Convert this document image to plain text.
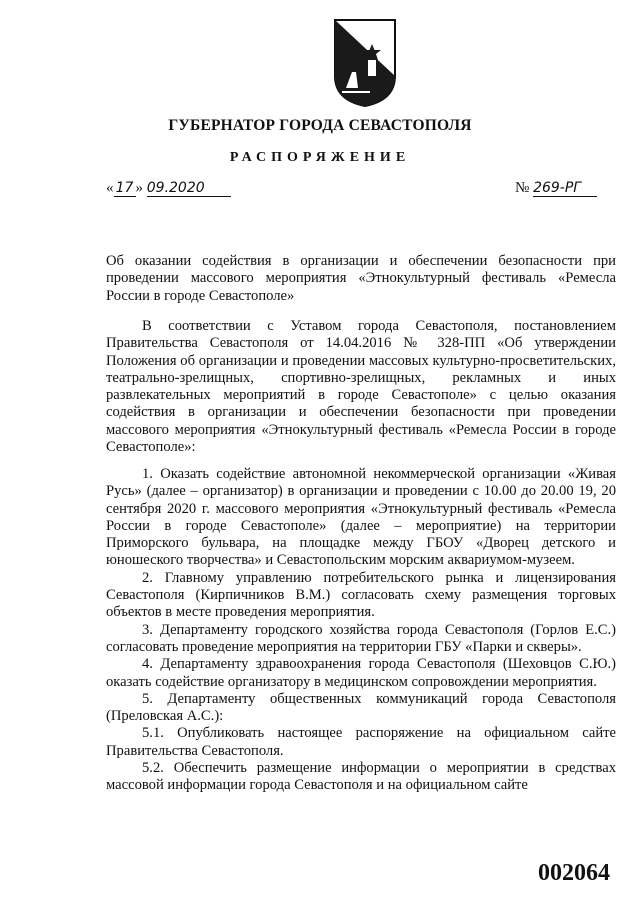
ГУБЕРНАТОР ГОРОДА СЕВАСТОПОЛЯ
РАСПОРЯЖЕНИЕ
« 17 » 09.2020	№ 269-РГ

Об оказании содействия в организации и обеспечении безопасности при проведении массового мероприятия «Этнокультурный фестиваль «Ремесла России в городе Севастополе»

В соответствии с Уставом города Севастополя, постановлением Правительства Севастополя от 14.04.2016 № 328-ПП «Об утверждении Положения об организации и проведении массовых культурно-просветительских, театрально-зрелищных, спортивно-зрелищных, рекламных и иных развлекательных мероприятий в городе Севастополе» с целью оказания содействия в организации и обеспечении безопасности при проведении массового мероприятия «Этнокультурный фестиваль «Ремесла России в городе Севастополе»:

1. Оказать содействие автономной некоммерческой организации «Живая Русь» (далее – организатор) в организации и проведении с 10.00 до 20.00 19, 20 сентября 2020 г. массового мероприятия «Этнокультурный фестиваль «Ремесла России в городе Севастополе» (далее – мероприятие) на территории Приморского бульвара, на площадке между ГБОУ «Дворец детского и юношеского творчества» и Севастопольским морским аквариумом-музеем.

2. Главному управлению потребительского рынка и лицензирования Севастополя (Кирпичников В.М.) согласовать схему размещения торговых объектов в месте проведения мероприятия.

3. Департаменту городского хозяйства города Севастополя (Горлов Е.С.) согласовать проведение мероприятия на территории ГБУ «Парки и скверы».

4. Департаменту здравоохранения города Севастополя (Шеховцов С.Ю.) оказать содействие организатору в медицинском сопровождении мероприятия.

5. Департаменту общественных коммуникаций города Севастополя (Преловская А.С.):

5.1. Опубликовать настоящее распоряжение на официальном сайте Правительства Севастополя.

5.2. Обеспечить размещение информации о мероприятии в средствах массовой информации города Севастополя и на официальном сайте

002064
